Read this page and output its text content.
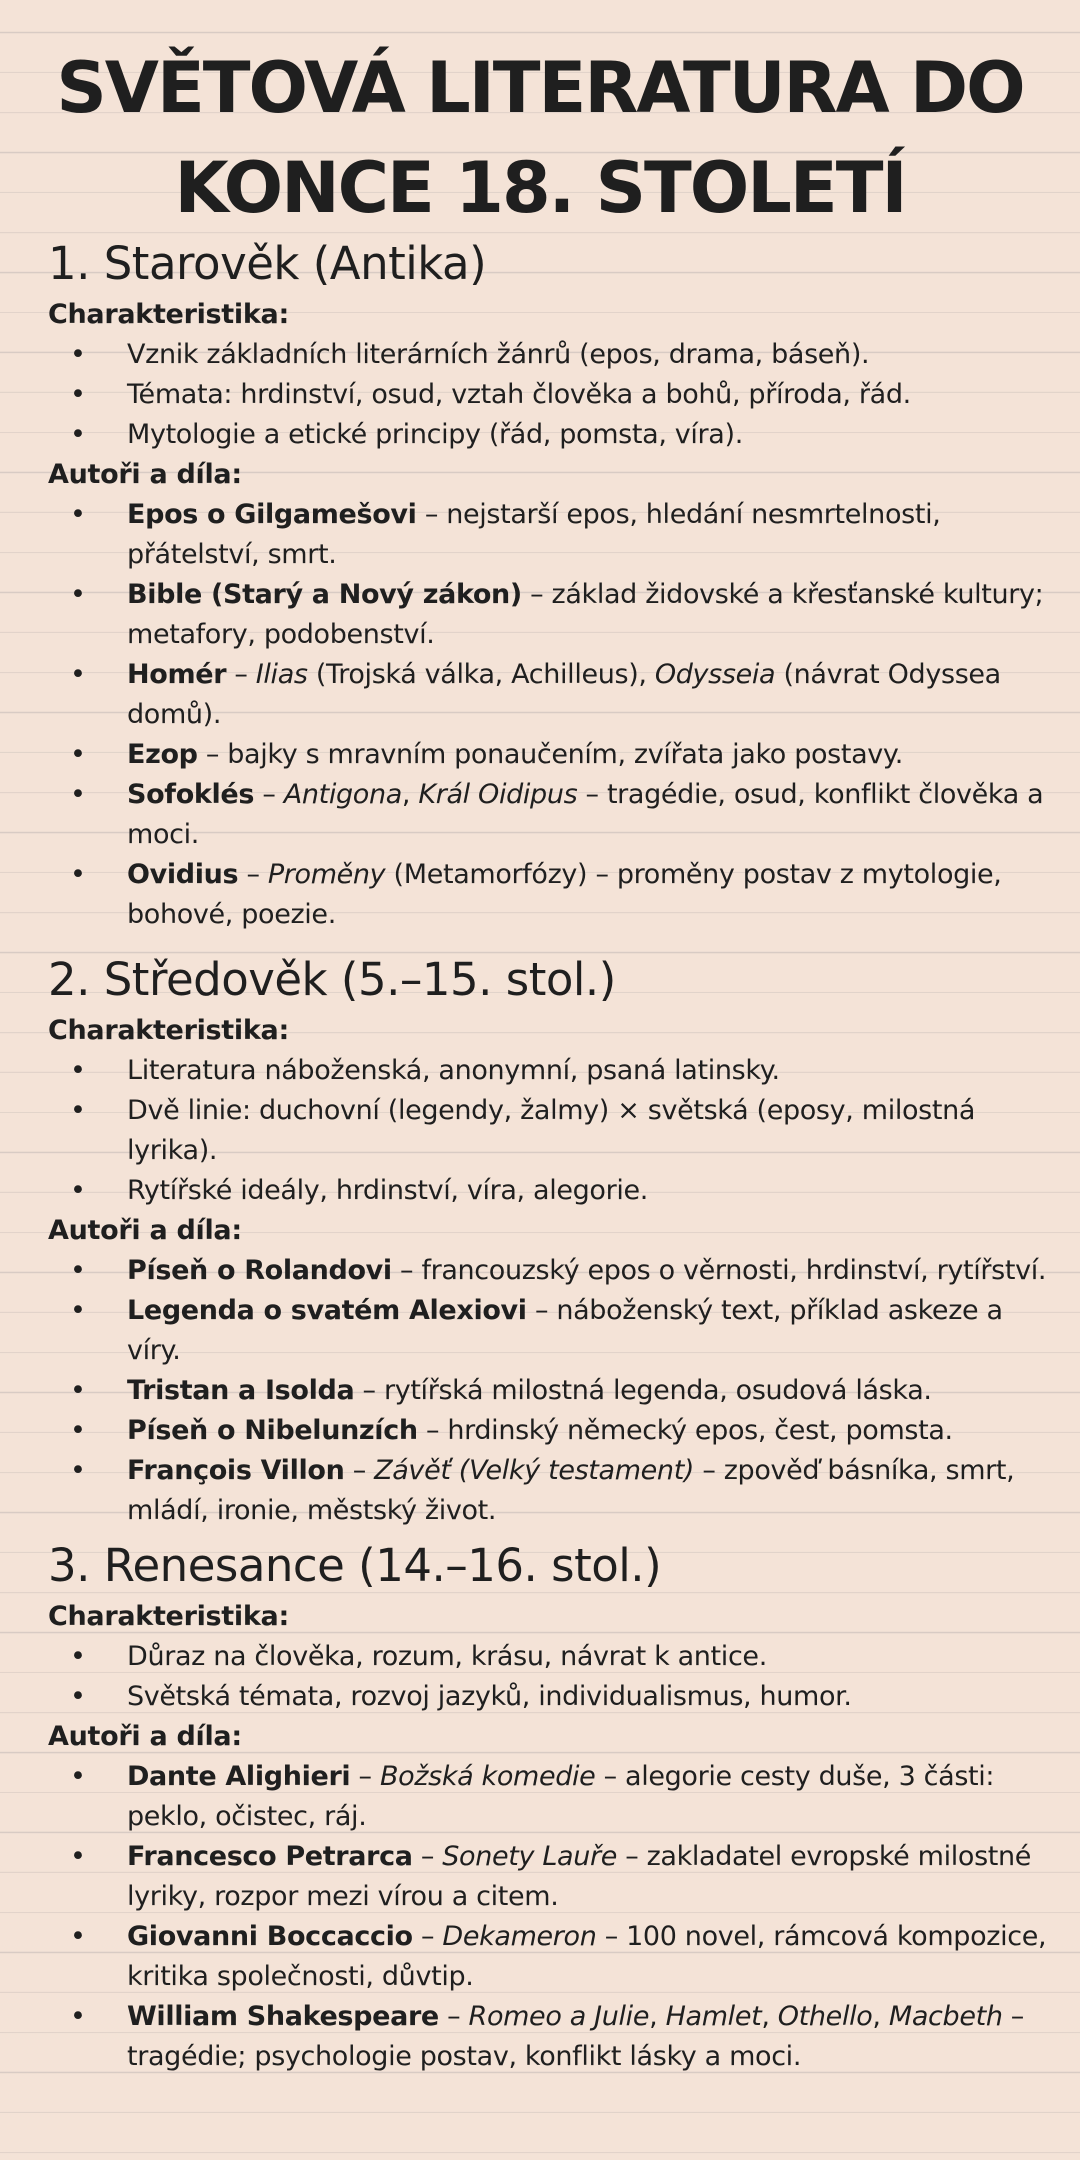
SVĚTOVÁ LITERATURA DO
KONCE 18. STOLETÍ
1. Starověk (Antika)
Charakteristika:
• Vznik základních literárních žánrů (epos, drama, báseň).
• Témata: hrdinství, osud, vztah člověka a bohů, příroda, řád.
• Mytologie a etické principy (řád, pomsta, víra).
Autoři a díla:
• Epos o Gilgamešovi – nejstarší epos, hledání nesmrtelnosti, přátelství, smrt.
• Bible (Starý a Nový zákon) – základ židovské a křesťanské kultury; metafory, podobenství.
• Homér – Ilias (Trojská válka, Achilleus), Odysseia (návrat Odyssea domů).
• Ezop – bajky s mravním ponaučením, zvířata jako postavy.
• Sofoklés – Antigona, Král Oidipus – tragédie, osud, konflikt člověka a moci.
• Ovidius – Proměny (Metamorfózy) – proměny postav z mytologie, bohové, poezie.
2. Středověk (5.–15. stol.)
Charakteristika:
• Literatura náboženská, anonymní, psaná latinsky.
• Dvě linie: duchovní (legendy, žalmy) × světská (eposy, milostná lyrika).
• Rytířské ideály, hrdinství, víra, alegorie.
Autoři a díla:
• Píseň o Rolandovi – francouzský epos o věrnosti, hrdinství, rytířství.
• Legenda o svatém Alexiovi – náboženský text, příklad askeze a víry.
• Tristan a Isolda – rytířská milostná legenda, osudová láska.
• Píseň o Nibelunzích – hrdinský německý epos, čest, pomsta.
• François Villon – Závěť (Velký testament) – zpověď básníka, smrt, mládí, ironie, městský život.
3. Renesance (14.–16. stol.)
Charakteristika:
• Důraz na člověka, rozum, krásu, návrat k antice.
• Světská témata, rozvoj jazyků, individualismus, humor.
Autoři a díla:
• Dante Alighieri – Božská komedie – alegorie cesty duše, 3 části: peklo, očistec, ráj.
• Francesco Petrarca – Sonety Lauře – zakladatel evropské milostné lyriky, rozpor mezi vírou a citem.
• Giovanni Boccaccio – Dekameron – 100 novel, rámcová kompozice, kritika společnosti, důvtip.
• William Shakespeare – Romeo a Julie, Hamlet, Othello, Macbeth – tragédie; psychologie postav, konflikt lásky a moci.
